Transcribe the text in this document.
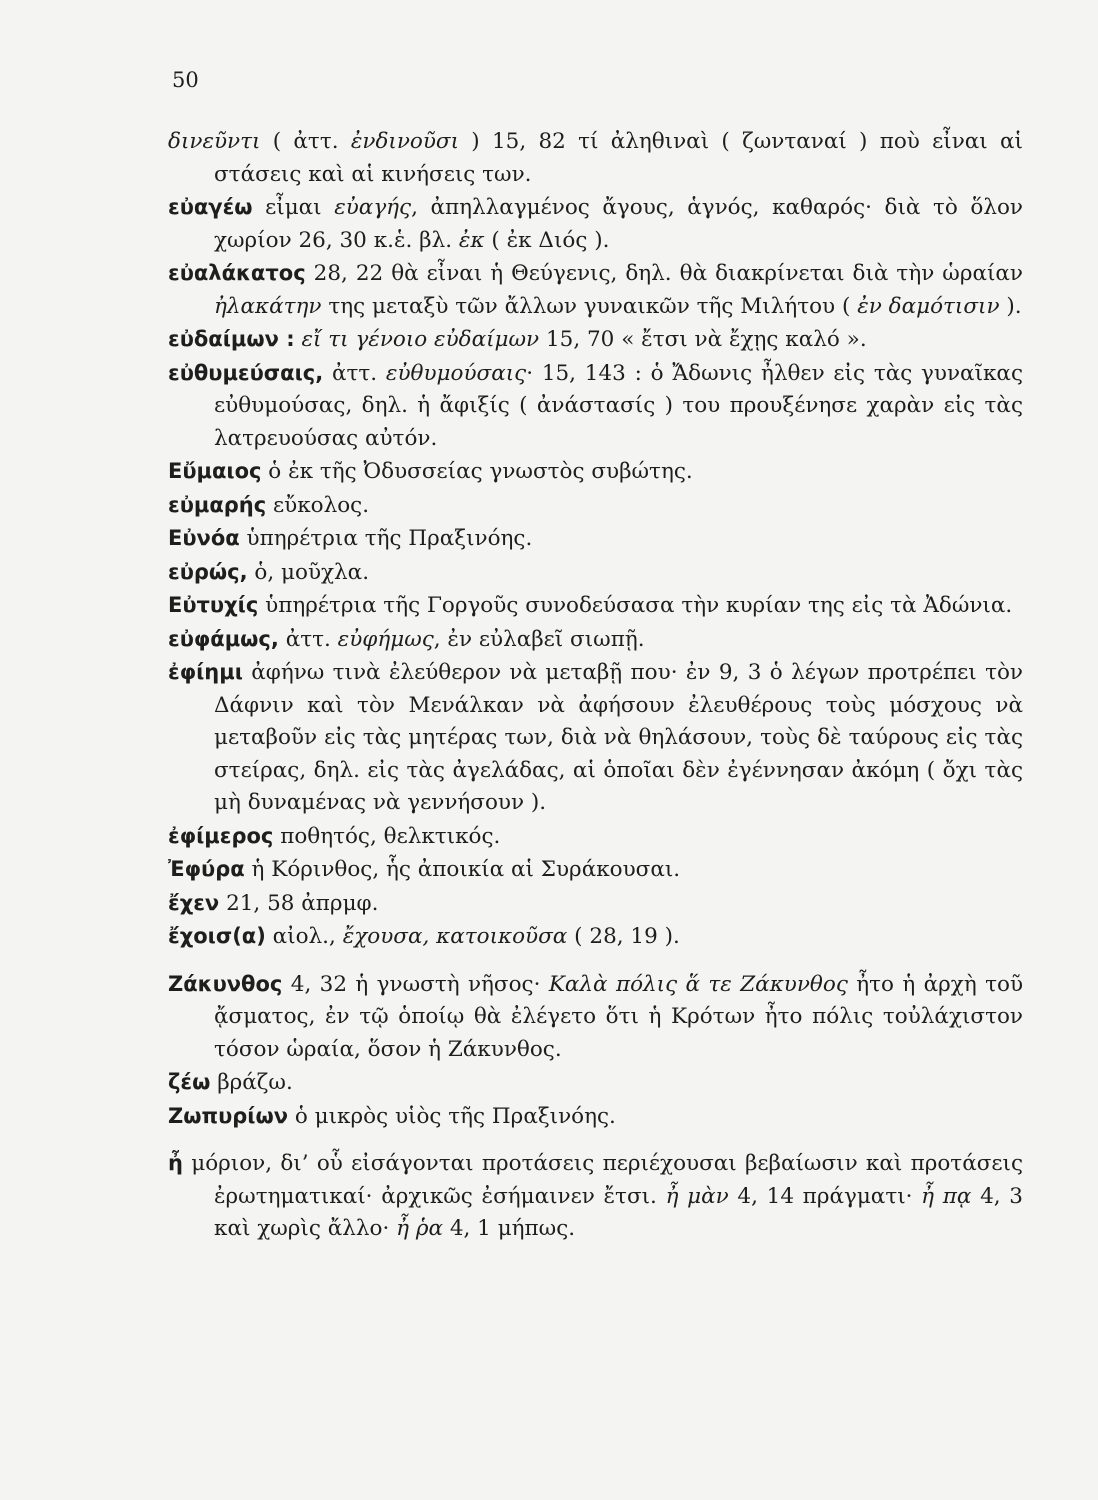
50
δινεῦντι ( ἀττ. ἐνδινοῦσι ) 15, 82 τί ἀληθιναὶ ( ζωνταναί ) ποὺ εἶναι αἱ στάσεις καὶ αἱ κινήσεις των.
εὐαγέω εἶμαι εὐαγής, ἀπηλλαγμένος ἄγους, ἁγνός, καθαρός· διὰ τὸ ὅλον χωρίον 26, 30 κ.ἑ. βλ. ἐκ ( ἐκ Διός ).
εὐαλάκατος 28, 22 θὰ εἶναι ἡ Θεύγενις, δηλ. θὰ διακρίνεται διὰ τὴν ὡραίαν ἠλακάτην της μεταξὺ τῶν ἄλλων γυναικῶν τῆς Μιλήτου ( ἐν δαμότισιν ).
εὐδαίμων : εἴ τι γένοιο εὐδαίμων 15, 70 « ἔτσι νὰ ἔχῃς καλό ».
εὐθυμεύσαις, ἀττ. εὐθυμούσαις· 15, 143 : ὁ Ἄδωνις ἦλθεν εἰς τὰς γυναῖκας εὐθυμούσας, δηλ. ἡ ἄφιξίς ( ἀνάστασίς ) του προυξένησε χαρὰν εἰς τὰς λατρευούσας αὐτόν.
Εὔμαιος ὁ ἐκ τῆς Ὀδυσσείας γνωστὸς συβώτης.
εὐμαρής εὔκολος.
Εὐνόα ὑπηρέτρια τῆς Πραξινόης.
εὐρώς, ὁ, μοῦχλα.
Εὐτυχίς ὑπηρέτρια τῆς Γοργοῦς συνοδεύσασα τὴν κυρίαν της εἰς τὰ Ἀδώνια.
εὐφάμως, ἀττ. εὐφήμως, ἐν εὐλαβεῖ σιωπῇ.
ἐφίημι ἀφήνω τινὰ ἐλεύθερον νὰ μεταβῇ που· ἐν 9, 3 ὁ λέγων προτρέπει τὸν Δάφνιν καὶ τὸν Μενάλκαν νὰ ἀφήσουν ἐλευθέρους τοὺς μόσχους νὰ μεταβοῦν εἰς τὰς μητέρας των, διὰ νὰ θηλάσουν, τοὺς δὲ ταύρους εἰς τὰς στείρας, δηλ. εἰς τὰς ἀγελάδας, αἱ ὁποῖαι δὲν ἐγέννησαν ἀκόμη ( ὄχι τὰς μὴ δυναμένας νὰ γεννήσουν ).
ἐφίμερος ποθητός, θελκτικός.
Ἐφύρα ἡ Κόρινθος, ἧς ἀποικία αἱ Συράκουσαι.
ἔχεν 21, 58 ἀπρμφ.
ἔχοισ(α) αἰολ., ἔχουσα, κατοικοῦσα ( 28, 19 ).
Ζάκυνθος 4, 32 ἡ γνωστὴ νῆσος· Καλὰ πόλις ἅ τε Ζάκυνθος ἦτο ἡ ἀρχὴ τοῦ ᾄσματος, ἐν τῷ ὁποίῳ θὰ ἐλέγετο ὅτι ἡ Κρότων ἦτο πόλις τοὐλάχιστον τόσον ὡραία, ὅσον ἡ Ζάκυνθος.
ζέω βράζω.
Ζωπυρίων ὁ μικρὸς υἱὸς τῆς Πραξινόης.
ἦ μόριον, δι’ οὗ εἰσάγονται προτάσεις περιέχουσαι βεβαίωσιν καὶ προτάσεις ἐρωτηματικαί· ἀρχικῶς ἐσήμαινεν ἔτσι. ἦ μὰν 4, 14 πράγματι· ἦ πᾳ 4, 3 καὶ χωρὶς ἄλλο· ἦ ῥα 4, 1 μήπως.
